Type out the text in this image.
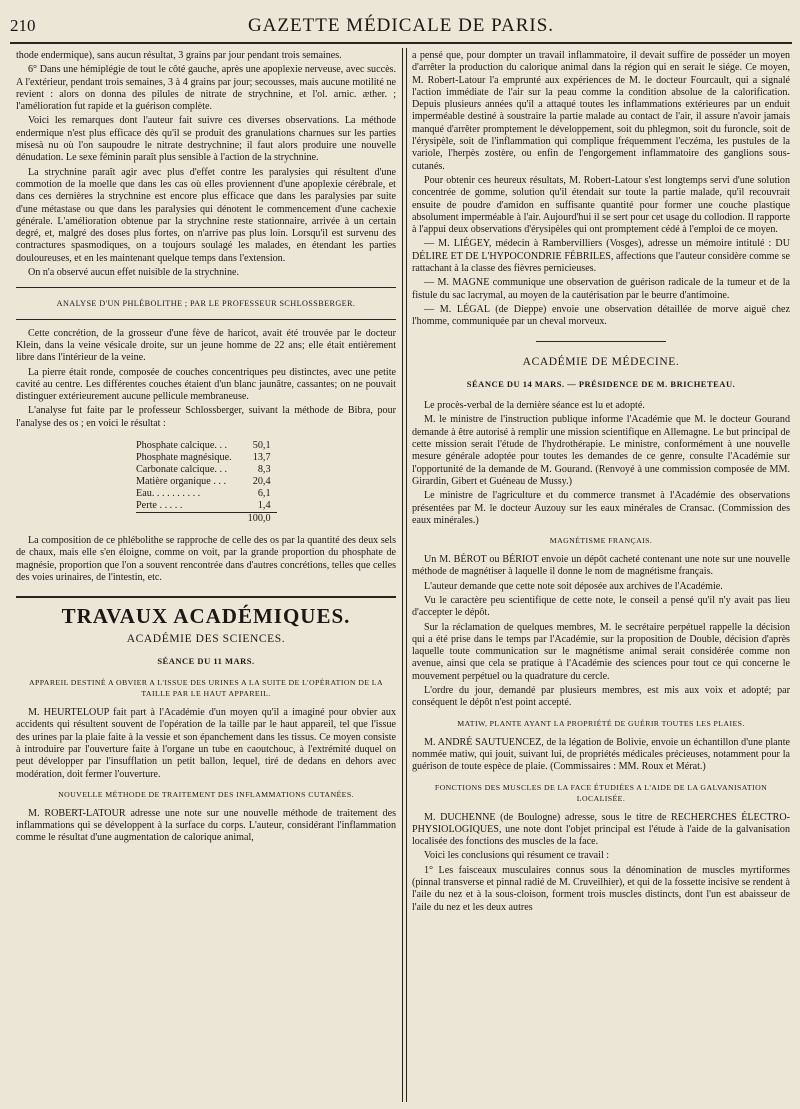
210	GAZETTE MÉDICALE DE PARIS.

thode endermique), sans aucun résultat, 3 grains par jour pendant trois semaines.

6° Dans une hémiplégie de tout le côté gauche, après une apoplexie nerveuse, avec succès. A l'extérieur, pendant trois semaines, 3 à 4 grains par jour; secousses, mais aucune motilité ne revient : alors on donna des pilules de nitrate de strychnine, et l'ol. arnic. æther. ; l'amélioration fut rapide et la guérison complète.

Voici les remarques dont l'auteur fait suivre ces diverses observations. La méthode endermique n'est plus efficace dès qu'il se produit des granulations charnues sur les parties misesà nu où l'on saupoudre le nitrate destrychnine; il faut alors produire une nouvelle dénudation. Le sexe féminin paraît plus sensible à l'action de la strychnine.

La strychnine paraît agir avec plus d'effet contre les paralysies qui résultent d'une commotion de la moelle que dans les cas où elles proviennent d'une apoplexie cérébrale, et dans ces dernières la strychnine est encore plus efficace que dans les paralysies par suite d'une métastase ou que dans les paralysies qui dénotent le commencement d'une cachexie générale. L'amélioration obtenue par la strychnine reste stationnaire, arrivée à un certain degré, et, malgré des doses plus fortes, on n'arrive pas plus loin. Lorsqu'il est survenu des contractures spasmodiques, on a toujours soulagé les malades, en étendant les parties douloureuses, et en les maintenant quelque temps dans l'extension.

On n'a observé aucun effet nuisible de la strychnine.

ANALYSE D'UN PHLÉBOLITHE ; PAR LE PROFESSEUR SCHLOSSBERGER.

Cette concrétion, de la grosseur d'une fève de haricot, avait été trouvée par le docteur Klein, dans la veine vésicale droite, sur un jeune homme de 22 ans; elle était entièrement libre dans l'intérieur de la veine.

La pierre était ronde, composée de couches concentriques peu distinctes, avec une petite cavité au centre. Les différentes couches étaient d'un blanc jaunâtre, cassantes; on ne pouvait distinguer extérieurement aucune pellicule membraneuse.

L'analyse fut faite par le professeur Schlossberger, suivant la méthode de Bibra, pour l'analyse des os ; en voici le résultat :

Phosphate calcique. . .	50,1
Phosphate magnésique.	13,7
Carbonate calcique. . .	8,3
Matière organique . . .	20,4
Eau. . . . . . . . . .	6,1
Perte . . . . .	1,4
	100,0

La composition de ce phlébolithe se rapproche de celle des os par la quantité des deux sels de chaux, mais elle s'en éloigne, comme on voit, par la grande proportion du phosphate de magnésie, proportion que l'on a souvent rencontrée dans d'autres concrétions, telles que celles des voies urinaires, de l'intestin, etc.

TRAVAUX ACADÉMIQUES.
ACADÉMIE DES SCIENCES.
SÉANCE DU 11 MARS.
APPAREIL DESTINÉ A OBVIER A L'ISSUE DES URINES A LA SUITE DE L'OPÉRATION DE LA TAILLE PAR LE HAUT APPAREIL.

M. HEURTELOUP fait part à l'Académie d'un moyen qu'il a imaginé pour obvier aux accidents qui résultent souvent de l'opération de la taille par le haut appareil, tel que l'issue des urines par la plaie faite à la vessie et son épanchement dans les tissus. Ce moyen consiste à introduire par l'ouverture faite à l'organe un tube en caoutchouc, à l'extrémité duquel on peut développer par l'insufflation un petit ballon, lequel, tiré de dedans en dehors avec modération, doit fermer l'ouverture.

NOUVELLE MÉTHODE DE TRAITEMENT DES INFLAMMATIONS CUTANÉES.

M. ROBERT-LATOUR adresse une note sur une nouvelle méthode de traitement des inflammations qui se développent à la surface du corps. L'auteur, considérant l'inflammation comme le résultat d'une augmentation de calorique animal,

a pensé que, pour dompter un travail inflammatoire, il devait suffire de posséder un moyen d'arrêter la production du calorique animal dans la région qui en serait le siége. Ce moyen, M. Robert-Latour l'a emprunté aux expériences de M. le docteur Fourcault, qui a signalé l'action immédiate de l'air sur la peau comme la condition absolue de la calorification. Depuis plusieurs années qu'il a attaqué toutes les inflammations extérieures par un enduit imperméable destiné à soustraire la partie malade au contact de l'air, il assure n'avoir jamais manqué d'arrêter promptement le développement, soit du phlegmon, soit du furoncle, soit de l'érysipèle, soit de l'inflammation qui complique fréquemment l'eczéma, les pustules de la variole, l'herpès zostère, ou enfin de l'engorgement inflammatoire des ganglions sous-cutanés.

Pour obtenir ces heureux résultats, M. Robert-Latour s'est longtemps servi d'une solution concentrée de gomme, solution qu'il étendait sur toute la partie malade, qu'il recouvrait ensuite de poudre d'amidon en suffisante quantité pour former une couche plastique absolument imperméable à l'air. Aujourd'hui il se sert pour cet usage du collodion. Il rapporte à l'appui deux observations d'érysipèles qui ont promptement cédé à l'emploi de ce moyen.

— M. LIÉGEY, médecin à Rambervilliers (Vosges), adresse un mémoire intitulé : DU DÉLIRE ET DE L'HYPOCONDRIE FÉBRILES, affections que l'auteur considère comme se rattachant à la classe des fièvres pernicieuses.

— M. MAGNE communique une observation de guérison radicale de la tumeur et de la fistule du sac lacrymal, au moyen de la cautérisation par le beurre d'antimoine.

— M. LÉGAL (de Dieppe) envoie une observation détaillée de morve aiguë chez l'homme, communiquée par un cheval morveux.

ACADÉMIE DE MÉDECINE.
SÉANCE DU 14 MARS. — PRÉSIDENCE DE M. BRICHETEAU.

Le procès-verbal de la dernière séance est lu et adopté.

M. le ministre de l'instruction publique informe l'Académie que M. le docteur Gourand demande à être autorisé à remplir une mission scientifique en Allemagne. Le but principal de cette mission serait l'étude de l'hydrothérapie. Le ministre, conformément à une nouvelle mesure générale adoptée pour toutes les demandes de ce genre, consulte l'Académie sur l'opportunité de la demande de M. Gourand. (Renvoyé à une commission composée de MM. Girardin, Gibert et Guéneau de Mussy.)

Le ministre de l'agriculture et du commerce transmet à l'Académie des observations présentées par M. le docteur Auzouy sur les eaux minérales de Cransac. (Commission des eaux minérales.)

MAGNÉTISME FRANÇAIS.

Un M. BÉROT ou BÉRIOT envoie un dépôt cacheté contenant une note sur une nouvelle méthode de magnétiser à laquelle il donne le nom de magnétisme français.

L'auteur demande que cette note soit déposée aux archives de l'Académie.

Vu le caractère peu scientifique de cette note, le conseil a pensé qu'il n'y avait pas lieu d'accepter le dépôt.

Sur la réclamation de quelques membres, M. le secrétaire perpétuel rappelle la décision qui a été prise dans le temps par l'Académie, sur la proposition de Double, décision d'après laquelle toute communication sur le magnétisme animal serait considérée comme non avenue, ainsi que cela se pratique à l'Académie des sciences pour tout ce qui concerne le mouvement perpétuel ou la quadrature du cercle.

L'ordre du jour, demandé par plusieurs membres, est mis aux voix et adopté; par conséquent le dépôt n'est point accepté.

MATIW, PLANTE AYANT LA PROPRIÉTÉ DE GUÉRIR TOUTES LES PLAIES.

M. ANDRÉ SAUTUENCEZ, de la légation de Bolivie, envoie un échantillon d'une plante nommée matiw, qui jouit, suivant lui, de propriétés médicales précieuses, notamment pour la guérison de toute espèce de plaie. (Commissaires : MM. Roux et Mérat.)

FONCTIONS DES MUSCLES DE LA FACE ÉTUDIÉES A L'AIDE DE LA GALVANISATION LOCALISÉE.

M. DUCHENNE (de Boulogne) adresse, sous le titre de RECHERCHES ÉLECTRO-PHYSIOLOGIQUES, une note dont l'objet principal est l'étude à l'aide de la galvanisation localisée des fonctions des muscles de la face.

Voici les conclusions qui résument ce travail :

1° Les faisceaux musculaires connus sous la dénomination de muscles myrtiformes (pinnal transverse et pinnal radié de M. Cruveilhier), et qui de la fossette incisive se rendent à l'aile du nez et à la sous-cloison, forment trois muscles distincts, dont l'un est abaisseur de l'aile du nez et les deux autres
